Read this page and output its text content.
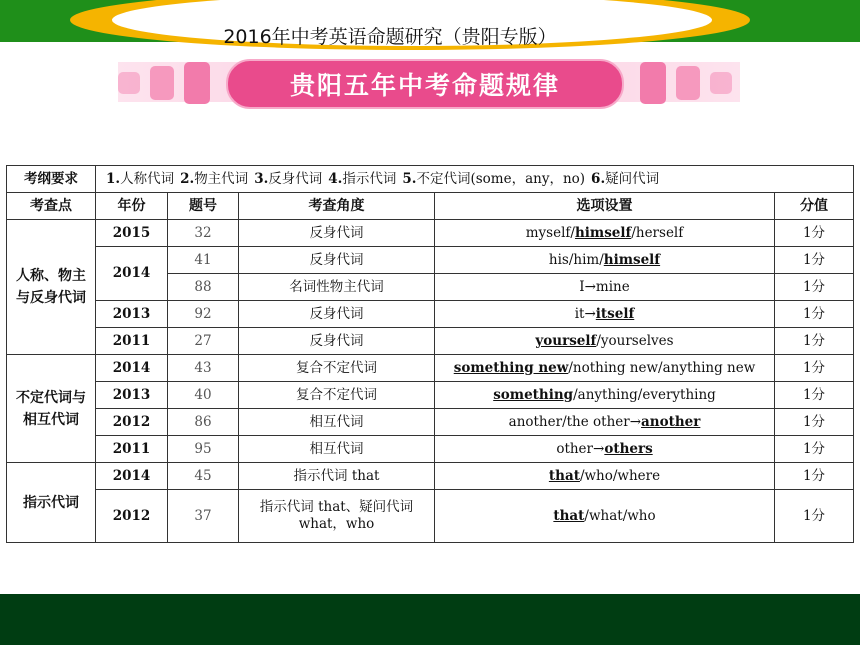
2016年中考英语命题研究（贵阳专版）
贵阳五年中考命题规律
考纲要求	1.人称代词 2.物主代词 3.反身代词 4.指示代词 5.不定代词(some，any，no) 6.疑问代词				
考查点	年份	题号	考查角度	选项设置	分值
人称、物主与反身代词	2015	32	反身代词	myself/himself/herself	1分
	2014	41	反身代词	his/him/himself	1分
		88	名词性物主代词	I→mine	1分
	2013	92	反身代词	it→itself	1分
	2011	27	反身代词	yourself/yourselves	1分
不定代词与相互代词	2014	43	复合不定代词	something new/nothing new/anything new	1分
	2013	40	复合不定代词	something/anything/everything	1分
	2012	86	相互代词	another/the other→another	1分
	2011	95	相互代词	other→others	1分
指示代词	2014	45	指示代词 that	that/who/where	1分
	2012	37	指示代词 that、疑问代词 what，who	that/what/who	1分
